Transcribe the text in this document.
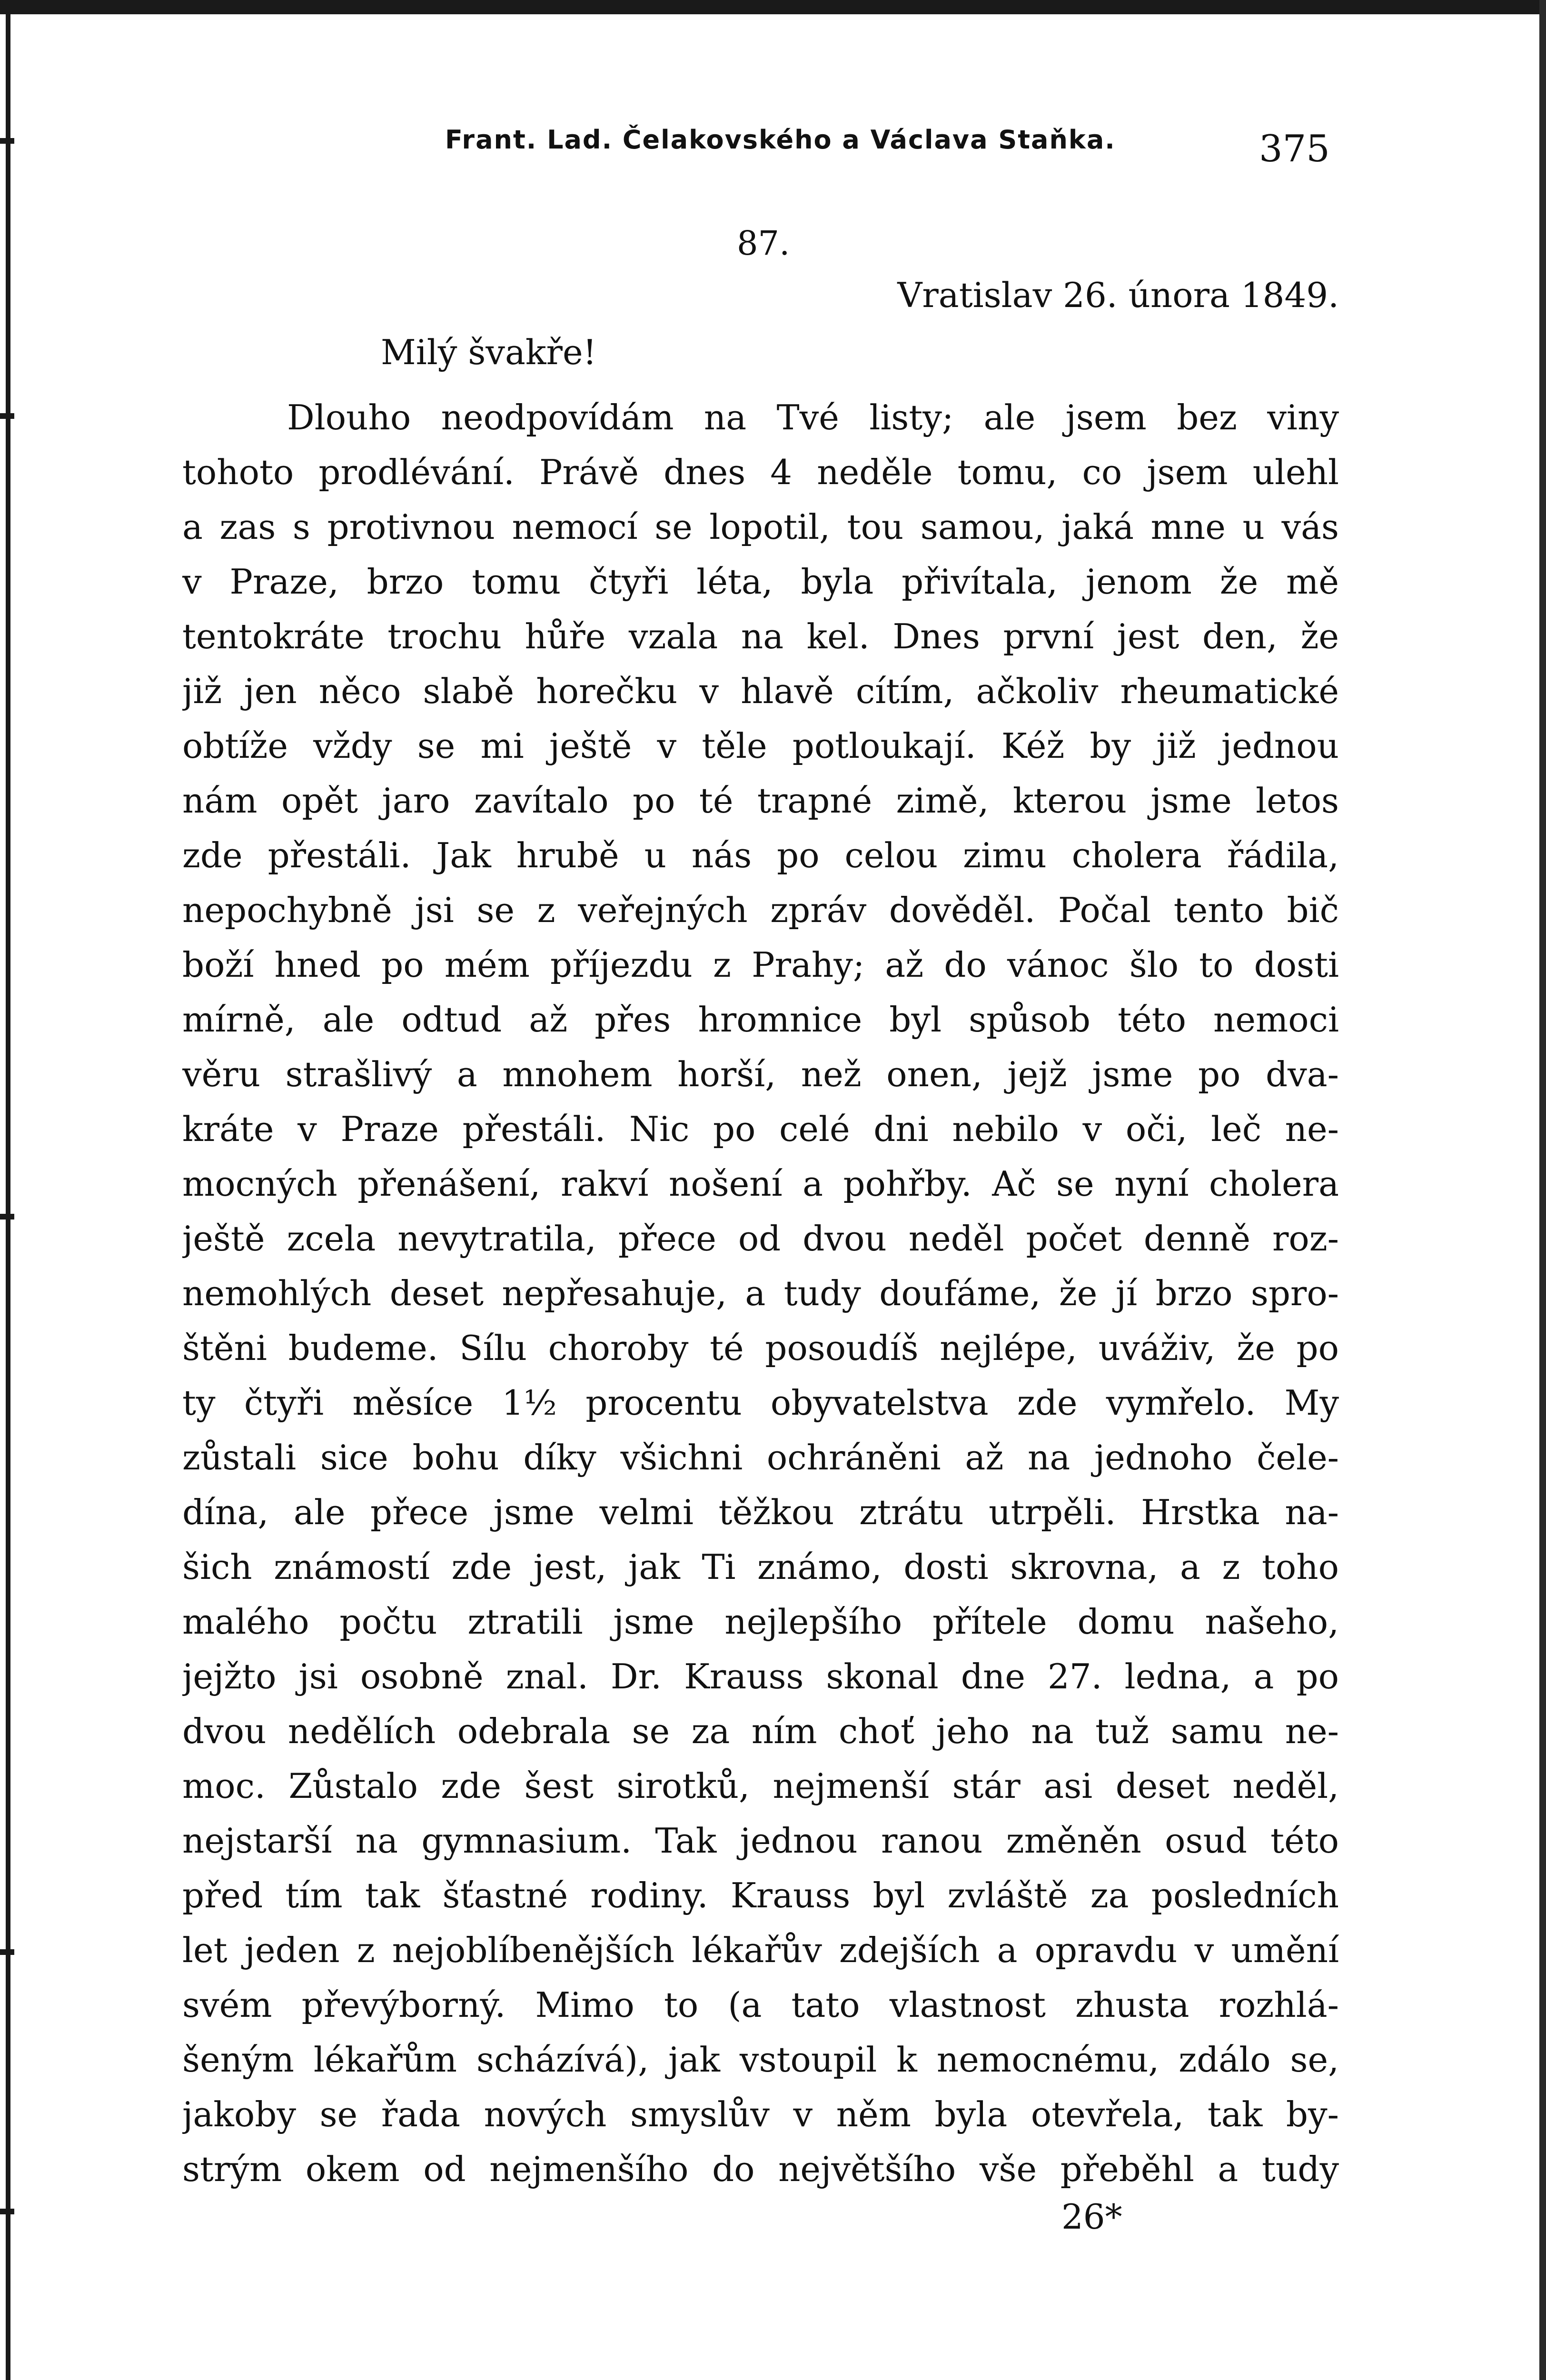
Frant. Lad. Čelakovského a Václava Staňka.	375
87.
Vratislav 26. února 1849.
Milý švakře!
Dlouho neodpovídám na Tvé listy; ale jsem bez viny
tohoto prodlévání. Právě dnes 4 neděle tomu, co jsem ulehl
a zas s protivnou nemocí se lopotil, tou samou, jaká mne u vás
v Praze, brzo tomu čtyři léta, byla přivítala, jenom že mě
tentokráte trochu hůře vzala na kel. Dnes první jest den, že
již jen něco slabě horečku v hlavě cítím, ačkoliv rheumatické
obtíže vždy se mi ještě v těle potloukají. Kéž by již jednou
nám opět jaro zavítalo po té trapné zimě, kterou jsme letos
zde přestáli. Jak hrubě u nás po celou zimu cholera řádila,
nepochybně jsi se z veřejných zpráv dověděl. Počal tento bič
boží hned po mém příjezdu z Prahy; až do vánoc šlo to dosti
mírně, ale odtud až přes hromnice byl spůsob této nemoci
věru strašlivý a mnohem horší, než onen, jejž jsme po dva-
kráte v Praze přestáli. Nic po celé dni nebilo v oči, leč ne-
mocných přenášení, rakví nošení a pohřby. Ač se nyní cholera
ještě zcela nevytratila, přece od dvou neděl počet denně roz-
nemohlých deset nepřesahuje, a tudy doufáme, že jí brzo spro-
štěni budeme. Sílu choroby té posoudíš nejlépe, uváživ, že po
ty čtyři měsíce 1½ procentu obyvatelstva zde vymřelo. My
zůstali sice bohu díky všichni ochráněni až na jednoho čele-
dína, ale přece jsme velmi těžkou ztrátu utrpěli. Hrstka na-
šich známostí zde jest, jak Ti známo, dosti skrovna, a z toho
malého počtu ztratili jsme nejlepšího přítele domu našeho,
jejžto jsi osobně znal. Dr. Krauss skonal dne 27. ledna, a po
dvou nedělích odebrala se za ním choť jeho na tuž samu ne-
moc. Zůstalo zde šest sirotků, nejmenší stár asi deset neděl,
nejstarší na gymnasium. Tak jednou ranou změněn osud této
před tím tak šťastné rodiny. Krauss byl zvláště za posledních
let jeden z nejoblíbenějších lékařův zdejších a opravdu v umění
svém převýborný. Mimo to (a tato vlastnost zhusta rozhlá-
šeným lékařům scházívá), jak vstoupil k nemocnému, zdálo se,
jakoby se řada nových smyslův v něm byla otevřela, tak by-
strým okem od nejmenšího do největšího vše přeběhl a tudy
26*
